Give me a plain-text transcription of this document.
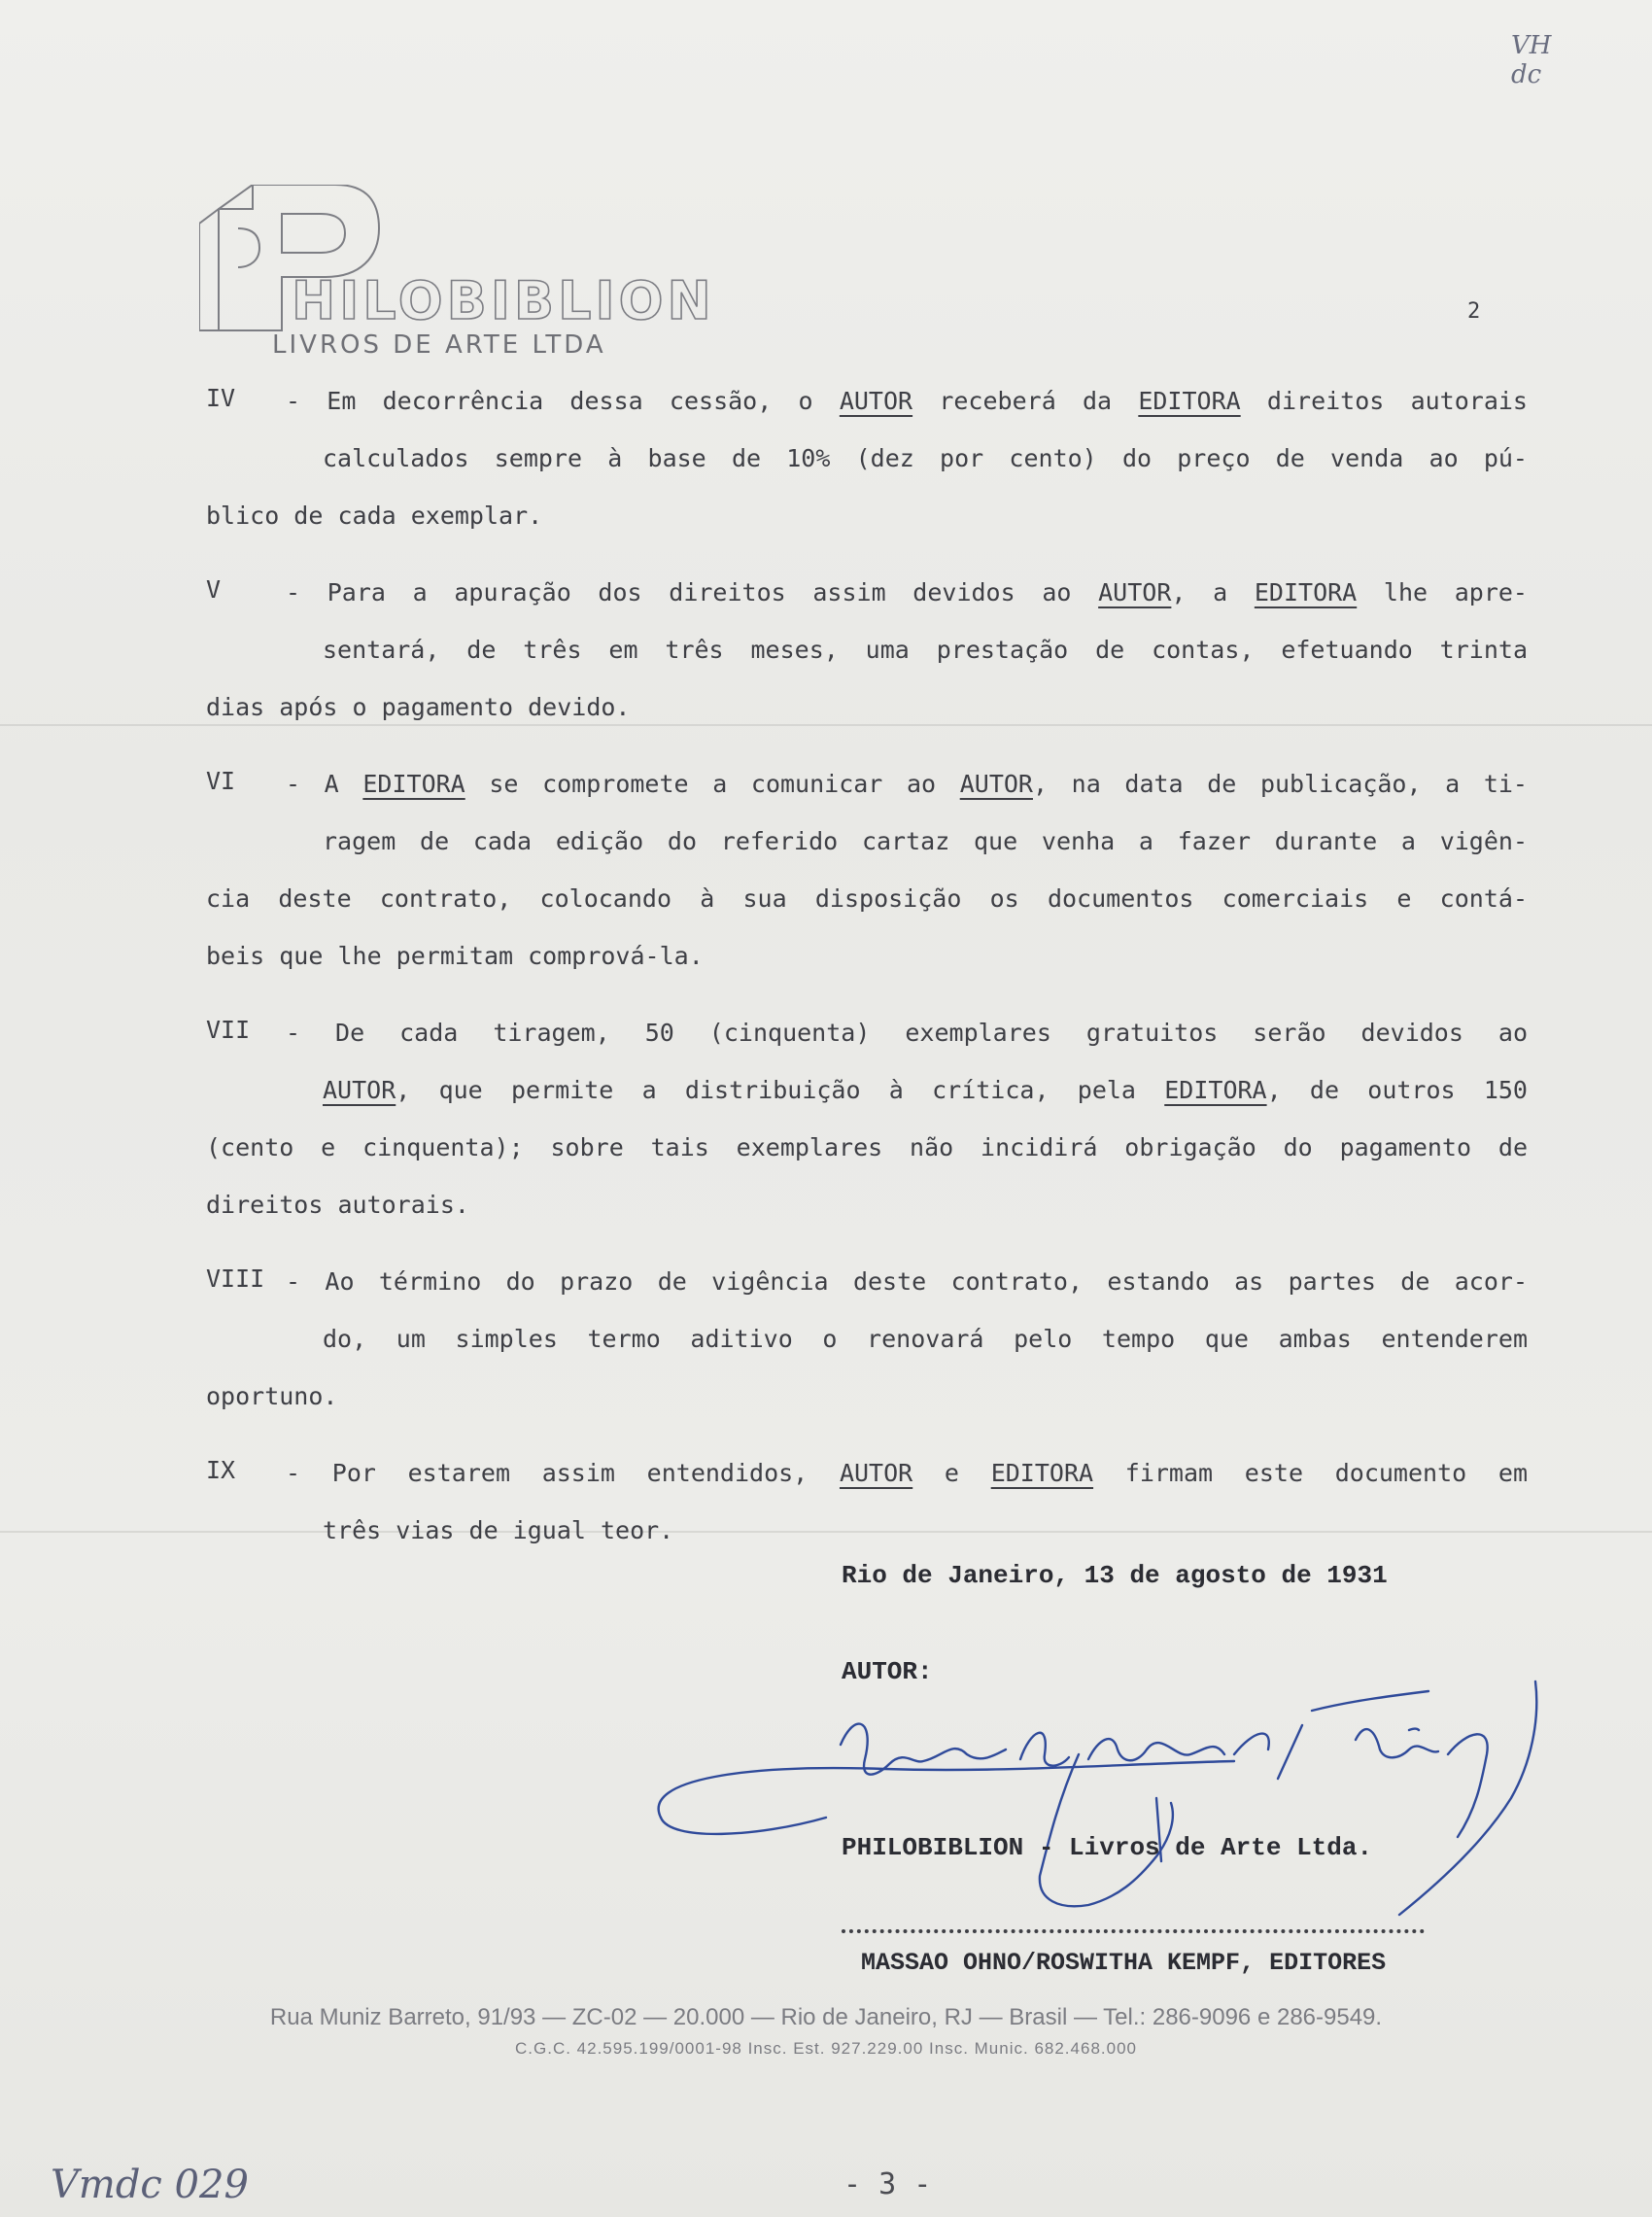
VH
dc
HILOBIBLION
LIVROS DE ARTE LTDA
2
IV	- Em decorrência dessa cessão, o AUTOR receberá da EDITORA direitos autorais
calculados sempre à base de 10% (dez por cento) do preço de venda ao pú-
blico de cada exemplar.
V	- Para a apuração dos direitos assim devidos ao AUTOR, a EDITORA lhe apre-
sentará, de três em três meses, uma prestação de contas, efetuando trinta
dias após o pagamento devido.
VI	- A EDITORA se compromete a comunicar ao AUTOR, na data de publicação, a ti-
ragem de cada edição do referido cartaz que venha a fazer durante a vigên-
cia deste contrato, colocando à sua disposição os documentos comerciais e contá-
beis que lhe permitam comprová-la.
VII	- De cada tiragem, 50 (cinquenta) exemplares gratuitos serão devidos ao
AUTOR, que permite a distribuição à crítica, pela EDITORA, de outros 150
(cento e cinquenta); sobre tais exemplares não incidirá obrigação do pagamento de
direitos autorais.
VIII - Ao término do prazo de vigência deste contrato, estando as partes de acor-
do, um simples termo aditivo o renovará pelo tempo que ambas entenderem
oportuno.
IX	- Por estarem assim entendidos, AUTOR e EDITORA firmam este documento em
três vias de igual teor.
Rio de Janeiro, 13 de agosto de 1931
AUTOR:
PHILOBIBLION - Livros de Arte Ltda.
MASSAO OHNO/ROSWITHA KEMPF, EDITORES
Rua Muniz Barreto, 91/93 — ZC-02 — 20.000 — Rio de Janeiro, RJ — Brasil — Tel.: 286-9096 e 286-9549.
C.G.C. 42.595.199/0001-98 Insc. Est. 927.229.00 Insc. Munic. 682.468.000
Vmdc 029	- 3 -
